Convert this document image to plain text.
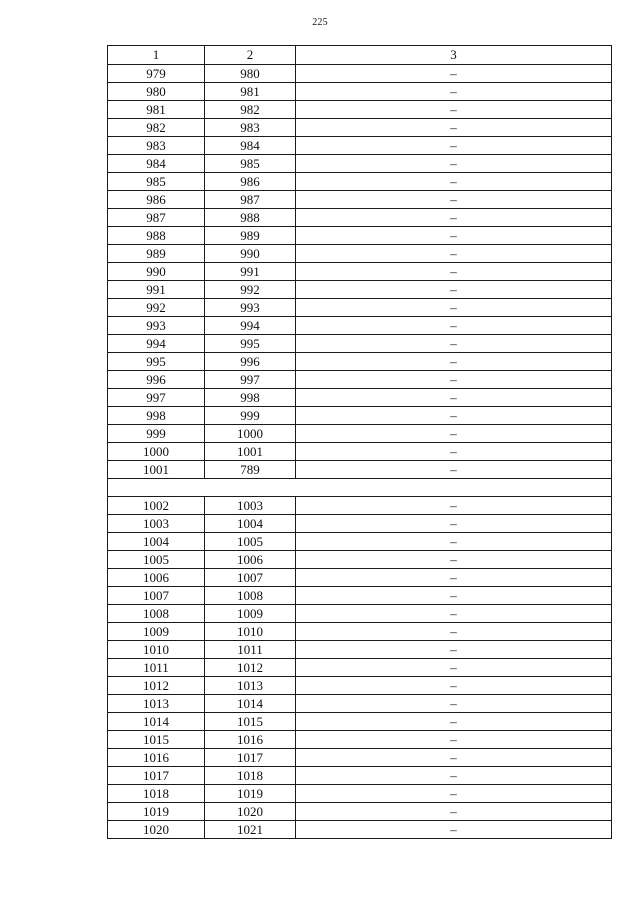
225
1	2	3
979	980	–
980	981	–
981	982	–
982	983	–
983	984	–
984	985	–
985	986	–
986	987	–
987	988	–
988	989	–
989	990	–
990	991	–
991	992	–
992	993	–
993	994	–
994	995	–
995	996	–
996	997	–
997	998	–
998	999	–
999	1000	–
1000	1001	–
1001	789	–

1002	1003	–
1003	1004	–
1004	1005	–
1005	1006	–
1006	1007	–
1007	1008	–
1008	1009	–
1009	1010	–
1010	1011	–
1011	1012	–
1012	1013	–
1013	1014	–
1014	1015	–
1015	1016	–
1016	1017	–
1017	1018	–
1018	1019	–
1019	1020	–
1020	1021	–
